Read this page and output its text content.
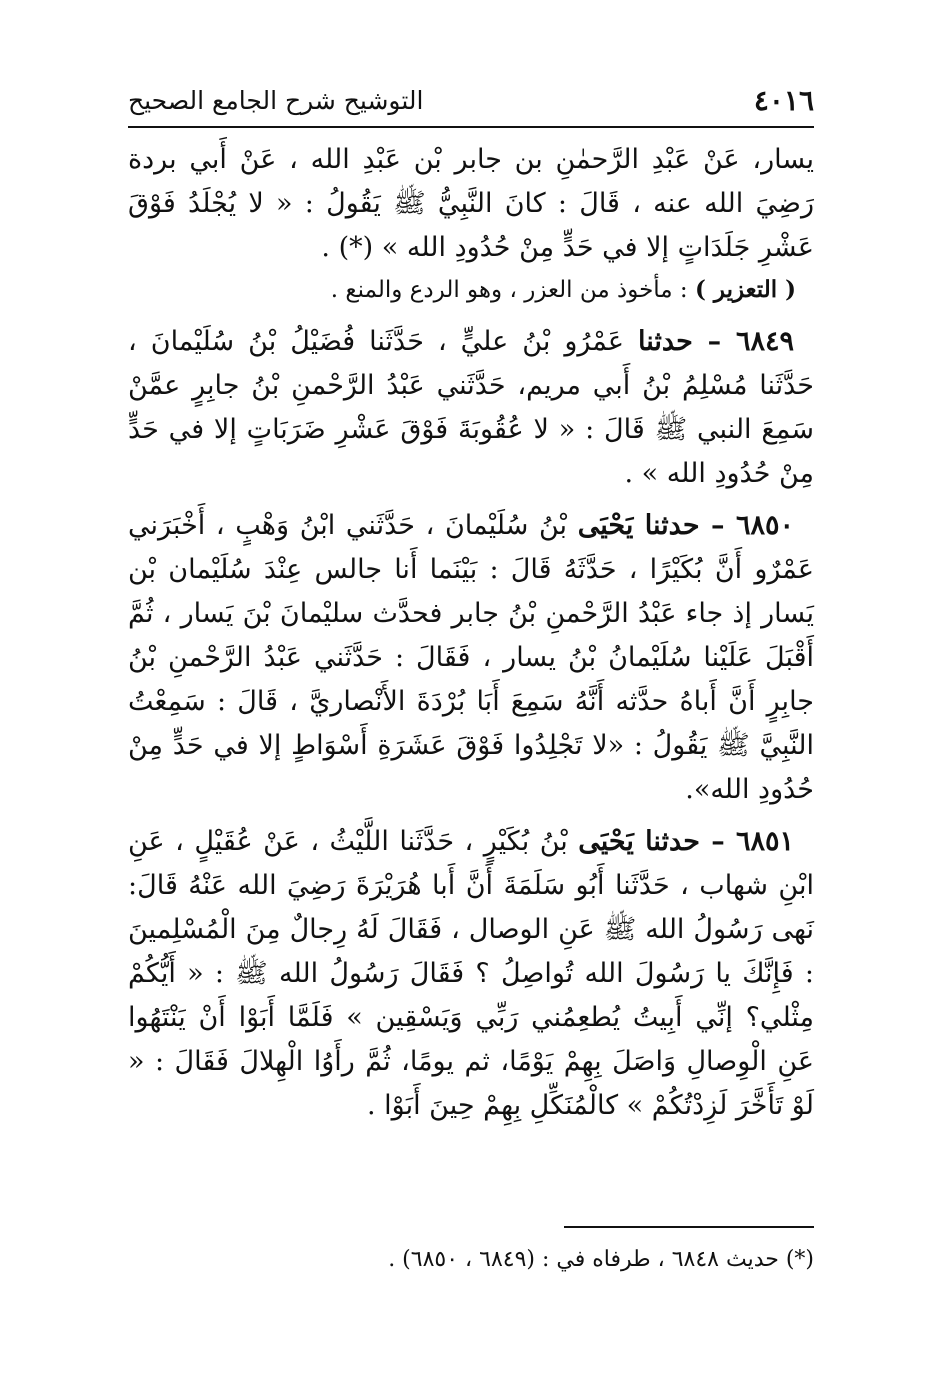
٤٠١٦
التوشيح شرح الجامع الصحيح

يسار، عَنْ عَبْدِ الرَّحمٰنِ بن جابر بْن عَبْدِ الله ، عَنْ أَبي بردة رَضِيَ الله عنه ، قَالَ : كانَ النَّبِيُّ ﷺ يَقُولُ : « لا يُجْلَدُ فَوْقَ عَشْرِ جَلَدَاتٍ إلا في حَدٍّ مِنْ حُدُودِ الله » (*) .

( التعزير ) : مأخوذ من العزر ، وهو الردع والمنع .

٦٨٤٩ – حدثنا عَمْرُو بْنُ عليٍّ ، حَدَّثَنا فُضَيْلُ بْنُ سُلَيْمانَ ، حَدَّثَنا مُسْلِمُ بْنُ أَبي مريم، حَدَّثَني عَبْدُ الرَّحْمنِ بْنُ جابِرٍ عمَّنْ سَمِعَ النبي ﷺ قَالَ : « لا عُقُوبَةَ فَوْقَ عَشْرِ ضَرَبَاتٍ إلا في حَدٍّ مِنْ حُدُودِ الله » .

٦٨٥٠ – حدثنا يَحْيَى بْنُ سُلَيْمانَ ، حَدَّثَني ابْنُ وَهْبٍ ، أَخْبَرَني عَمْرٌو أَنَّ بُكَيْرًا ، حَدَّثَهُ قَالَ : بَيْنَما أَنا جالس عِنْدَ سُلَيْمان بْن يَسار إذ جاء عَبْدُ الرَّحْمنِ بْنُ جابر فحدَّث سليْمانَ بْنَ يَسار ، ثُمَّ أَقْبَلَ عَلَيْنا سُلَيْمانُ بْنُ يسار ، فَقَالَ : حَدَّثَني عَبْدُ الرَّحْمنِ بْنُ جابِرٍ أَنَّ أَباهُ حدَّثه أَنَّهُ سَمِعَ أَبَا بُرْدَةَ الأَنْصاريَّ ، قَالَ : سَمِعْتُ النَّبِيَّ ﷺ يَقُولُ : «لا تَجْلِدُوا فَوْقَ عَشَرَةِ أَسْوَاطٍ إلا في حَدٍّ مِنْ حُدُودِ الله».

٦٨٥١ – حدثنا يَحْيَى بْنُ بُكَيْرٍ ، حَدَّثَنا اللَّيْثُ ، عَنْ عُقَيْلٍ ، عَنِ ابْنِ شهاب ، حَدَّثَنا أَبُو سَلَمَةَ أَنَّ أَبا هُرَيْرَةَ رَضِيَ الله عَنْهُ قَالَ: نَهى رَسُولُ الله ﷺ عَنِ الوصال ، فَقَالَ لَهُ رِجالٌ مِنَ الْمُسْلِمينَ : فَإِنَّكَ يا رَسُولَ الله تُواصِلُ ؟ فَقَالَ رَسُولُ الله ﷺ : « أَيُّكُمْ مِثْلي؟ إنِّي أَبِيتُ يُطعِمُني رَبِّي وَيَسْقِين » فَلَمَّا أَبَوْا أَنْ يَنْتَهُوا عَنِ الْوِصالِ وَاصَلَ بِهِمْ يَوْمًا، ثم يومًا، ثُمَّ رأَوُا الْهِلالَ فَقَالَ : « لَوْ تَأَخَّرَ لَزِدْتُكُمْ » كالْمُنَكِّلِ بِهِمْ حِينَ أَبَوْا .

(*) حديث ٦٨٤٨ ، طرفاه في : (٦٨٤٩ ، ٦٨٥٠) .
